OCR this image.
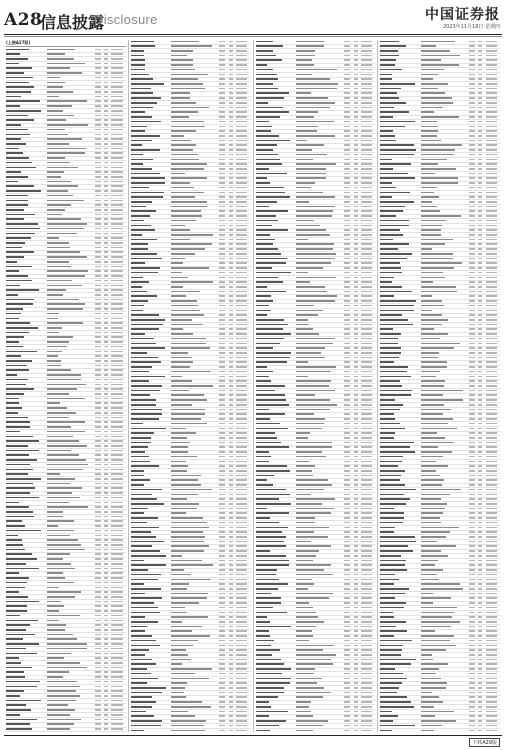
A28
信息披露
Disclosure	中国证券报
2023年11月16日 星期四
(上接A27版)
下转A29版
